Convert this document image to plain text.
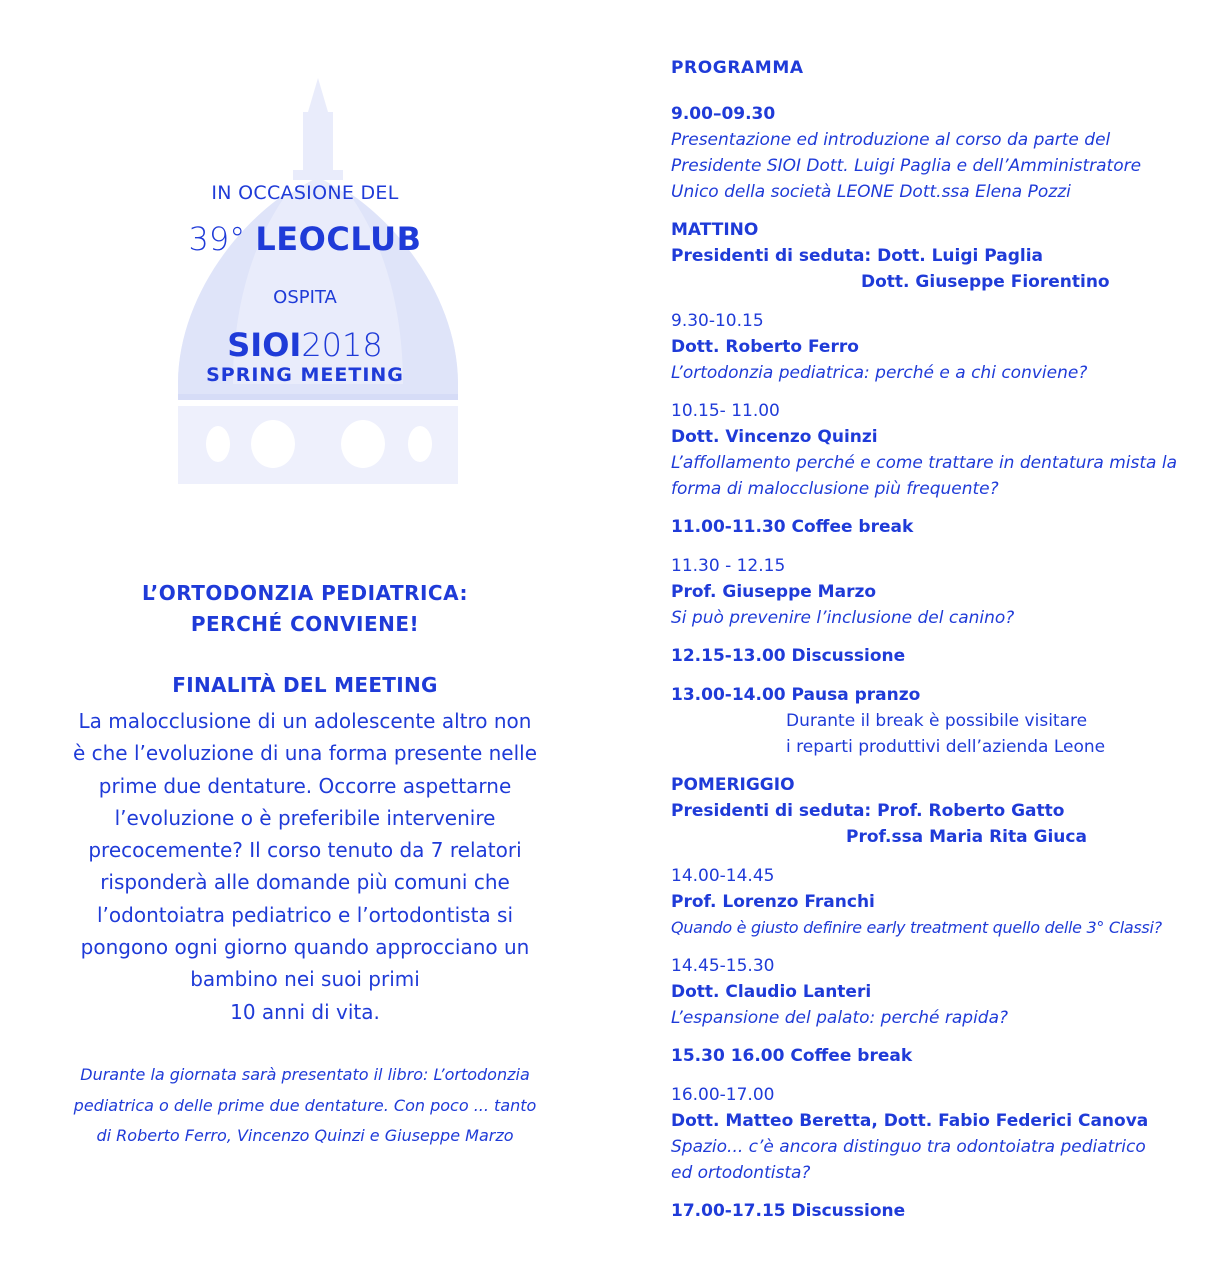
IN OCCASIONE DEL
39° LEOCLUB
OSPITA
SIOI2018
SPRING MEETING
L’ORTODONZIA PEDIATRICA:
PERCHÉ CONVIENE!
FINALITÀ DEL MEETING
La malocclusione di un adolescente altro non
è che l’evoluzione di una forma presente nelle
prime due dentature. Occorre aspettarne
l’evoluzione o è preferibile intervenire
precocemente? Il corso tenuto da 7 relatori
risponderà alle domande più comuni che
l’odontoiatra pediatrico e l’ortodontista si
pongono ogni giorno quando approcciano un
bambino nei suoi primi
10 anni di vita.
Durante la giornata sarà presentato il libro: L’ortodonzia
pediatrica o delle prime due dentature. Con poco ... tanto
di Roberto Ferro, Vincenzo Quinzi e Giuseppe Marzo
PROGRAMMA
9.00–09.30
Presentazione ed introduzione al corso da parte del
Presidente SIOI Dott. Luigi Paglia e dell’Amministratore
Unico della società LEONE Dott.ssa Elena Pozzi
MATTINO
Presidenti di seduta: Dott. Luigi Paglia
Dott. Giuseppe Fiorentino
9.30-10.15
Dott. Roberto Ferro
L’ortodonzia pediatrica: perché e a chi conviene?
10.15- 11.00
Dott. Vincenzo Quinzi
L’affollamento perché e come trattare in dentatura mista la
forma di malocclusione più frequente?
11.00-11.30 Coffee break
11.30 - 12.15
Prof. Giuseppe Marzo
Si può prevenire l’inclusione del canino?
12.15-13.00 Discussione
13.00-14.00 Pausa pranzo
Durante il break è possibile visitare
i reparti produttivi dell’azienda Leone
POMERIGGIO
Presidenti di seduta: Prof. Roberto Gatto
Prof.ssa Maria Rita Giuca
14.00-14.45
Prof. Lorenzo Franchi
Quando è giusto definire early treatment quello delle 3° Classi?
14.45-15.30
Dott. Claudio Lanteri
L’espansione del palato: perché rapida?
15.30 16.00 Coffee break
16.00-17.00
Dott. Matteo Beretta, Dott. Fabio Federici Canova
Spazio... c’è ancora distinguo tra odontoiatra pediatrico
ed ortodontista?
17.00-17.15 Discussione
